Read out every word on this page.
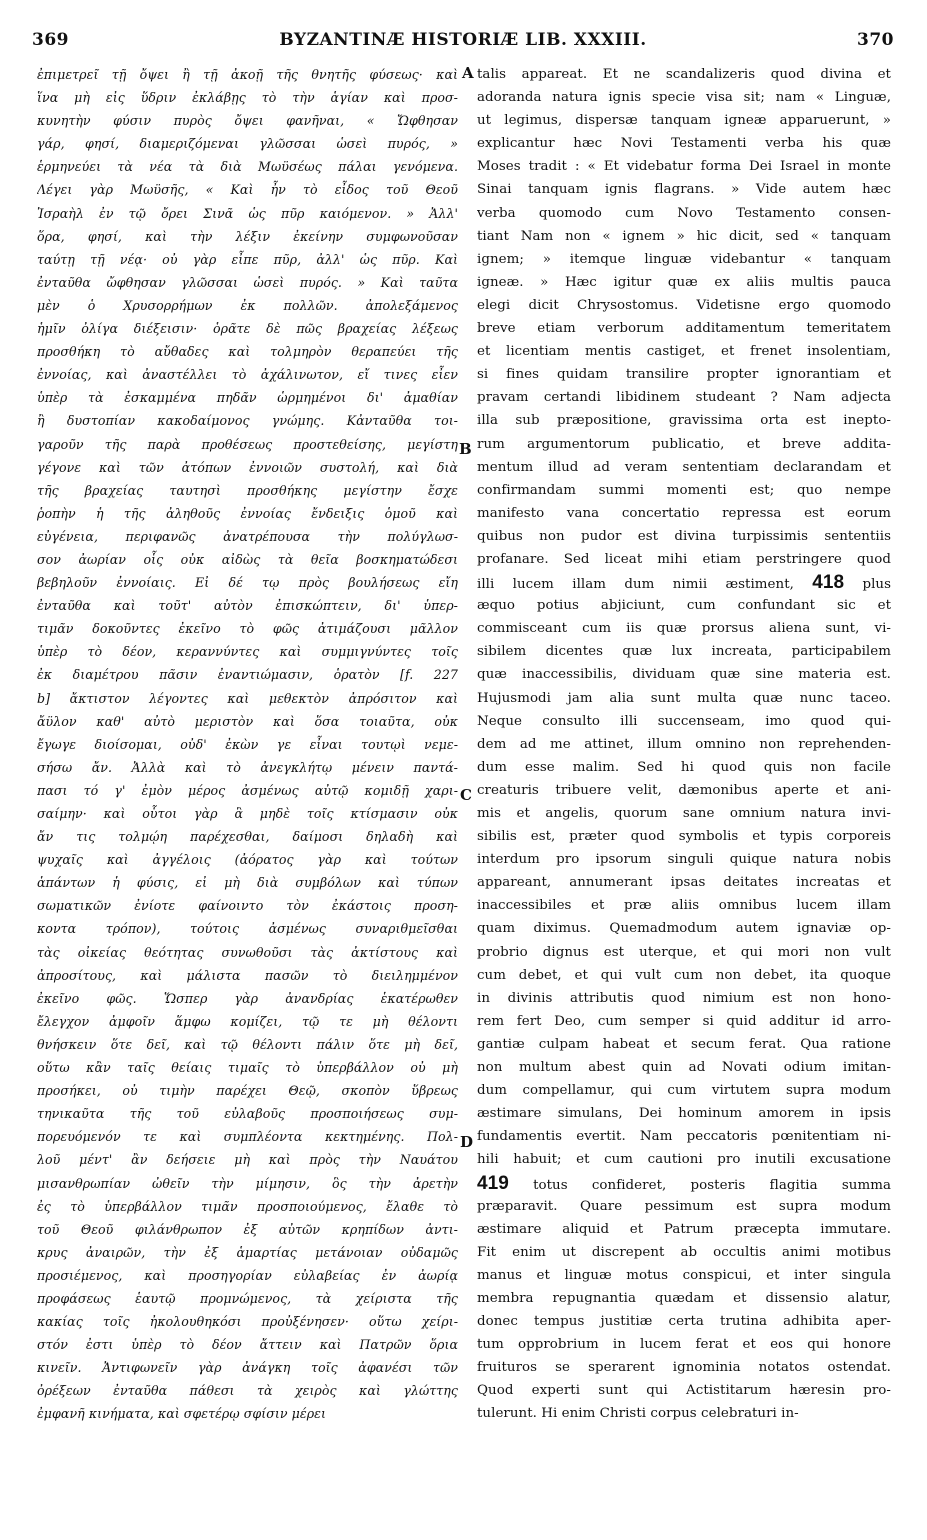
369	BYZANTINÆ HISTORIÆ LIB. XXXIII.	370
ἐπιμετρεῖ τῇ ὄψει ἢ τῇ ἀκοῇ τῆς θνητῆς φύσεως· καὶ
ἵνα μὴ εἰς ὕδριν ἐκλάβῃς τὸ τὴν ἁγίαν καὶ προσ-
κυνητὴν φύσιν πυρὸς ὄψει φανῆναι, « Ὤφθησαν
γάρ, φησί, διαμεριζόμεναι γλῶσσαι ὡσεὶ πυρός, »
ἑρμηνεύει τὰ νέα τὰ διὰ Μωϋσέως πάλαι γενόμενα.
Λέγει γὰρ Μωϋσῆς, « Καὶ ἦν τὸ εἶδος τοῦ Θεοῦ
Ἰσραὴλ ἐν τῷ ὄρει Σινᾶ ὡς πῦρ καιόμενον. » Ἀλλ'
ὅρα, φησί, καὶ τὴν λέξιν ἐκείνην συμφωνοῦσαν
ταύτῃ τῇ νέᾳ· οὐ γὰρ εἶπε πῦρ, ἀλλ' ὡς πῦρ. Καὶ
ἐνταῦθα ὤφθησαν γλῶσσαι ὡσεὶ πυρός. » Καὶ ταῦτα
μὲν ὁ Χρυσορρήμων ἐκ πολλῶν. ἀπολεξάμενος
ἡμῖν ὀλίγα διέξεισιν· ὁρᾶτε δὲ πῶς βραχείας λέξεως
προσθήκη τὸ αὔθαδες καὶ τολμηρὸν θεραπεύει τῆς
ἐννοίας, καὶ ἀναστέλλει τὸ ἀχάλινωτον, εἴ τινες εἶεν
ὑπὲρ τὰ ἐσκαμμένα πηδᾶν ὡρμημένοι δι' ἀμαθίαν
ἢ δυστοπίαν κακοδαίμονος γνώμης. Κἀνταῦθα τοι-
γαροῦν τῆς παρὰ προθέσεως προστεθείσης, μεγίστη
γέγονε καὶ τῶν ἀτόπων ἐννοιῶν συστολή, καὶ διὰ
τῆς βραχείας ταυτησὶ προσθήκης μεγίστην ἔσχε
ῥοπὴν ἡ τῆς ἀληθοῦς ἐννοίας ἔνδειξις ὁμοῦ καὶ
εὐγένεια, περιφανῶς ἀνατρέπουσα τὴν πολύγλωσ-
σον ἀωρίαν οἷς οὐκ αἰδὼς τὰ θεῖα βοσκηματώδεσι
βεβηλοῦν ἐννοίαις. Εἰ δέ τῳ πρὸς βουλήσεως εἴη
ἐνταῦθα καὶ τοῦτ' αὐτὸν ἐπισκώπτειν, δι' ὑπερ-
τιμᾶν δοκοῦντες ἐκεῖνο τὸ φῶς ἀτιμάζουσι μᾶλλον
ὑπὲρ τὸ δέον, κεραννύντες καὶ συμμιγνύντες τοῖς
ἐκ διαμέτρου πᾶσιν ἐναντιώμασιν, ὁρατὸν [f. 227
b] ἄκτιστον λέγοντες καὶ μεθεκτὸν ἀπρόσιτον καὶ
ἄϋλον καθ' αὐτὸ μεριστὸν καὶ ὅσα τοιαῦτα, οὐκ
ἔγωγε διοίσομαι, οὐδ' ἐκὼν γε εἶναι τουτῳὶ νεμε-
σήσω ἄν. Ἀλλὰ καὶ τὸ ἀνεγκλήτῳ μένειν παντά-
πασι τό γ' ἐμὸν μέρος ἀσμένως αὐτῷ κομιδῇ χαρι-
σαίμην· καὶ οὗτοι γὰρ ἃ μηδὲ τοῖς κτίσμασιν οὐκ
ἄν τις τολμῴη παρέχεσθαι, δαίμοσι δηλαδὴ καὶ
ψυχαῖς καὶ ἀγγέλοις (ἀόρατος γὰρ καὶ τούτων
ἁπάντων ἡ φύσις, εἰ μὴ διὰ συμβόλων καὶ τύπων
σωματικῶν ἐνίοτε φαίνοιντο τὸν ἐκάστοις προση-
κοντα τρόπον), τούτοις ἀσμένως συναριθμεῖσθαι
τὰς οἰκείας θεότητας συνωθοῦσι τὰς ἀκτίστους καὶ
ἀπροσίτους, καὶ μάλιστα πασῶν τὸ διειλημμένον
ἐκεῖνο φῶς. Ὥσπερ γὰρ ἀνανδρίας ἑκατέρωθεν
ἔλεγχον ἀμφοῖν ἅμφω κομίζει, τῷ τε μὴ θέλοντι
θνήσκειν ὅτε δεῖ, καὶ τῷ θέλοντι πάλιν ὅτε μὴ δεῖ,
οὕτω κἂν ταῖς θείαις τιμαῖς τὸ ὑπερβάλλον οὐ μὴ
προσήκει, οὐ τιμὴν παρέχει Θεῷ, σκοπὸν ὕβρεως
τηνικαῦτα τῆς τοῦ εὐλαβοῦς προσποιήσεως συμ-
πορευόμενόν τε καὶ συμπλέοντα κεκτημένης. Πολ-
λοῦ μέντ' ἂν δεήσειε μὴ καὶ πρὸς τὴν Ναυάτου
μισανθρωπίαν ὠθεῖν τὴν μίμησιν, ὃς τὴν ἀρετὴν
ἐς τὸ ὑπερβάλλον τιμᾶν προσποιούμενος, ἔλαθε τὸ
τοῦ Θεοῦ φιλάνθρωπον ἐξ αὐτῶν κρηπίδων ἀντι-
κρυς ἀναιρῶν, τὴν ἐξ ἁμαρτίας μετάνοιαν οὐδαμῶς
προσιέμενος, καὶ προσηγορίαν εὐλαβείας ἐν ἀωρίᾳ
προφάσεως ἑαυτῷ προμνώμενος, τὰ χείριστα τῆς
κακίας τοῖς ἠκολουθηκόσι προὐξένησεν· οὕτω χείρι-
στόν ἐστι ὑπὲρ τὸ δέον ἄττειν καὶ Πατρῶν ὅρια
κινεῖν. Ἀντιφωνεῖν γὰρ ἀνάγκη τοῖς ἀφανέσι τῶν
ὀρέξεων ἐνταῦθα πάθεσι τὰ χειρὸς καὶ γλώττης
ἐμφανῆ κινήματα, καὶ σφετέρῳ σφίσιν μέρει
talis appareat. Et ne scandalizeris quod divina et
adoranda natura ignis specie visa sit; nam « Linguæ,
ut legimus, dispersæ tanquam igneæ apparuerunt, »
explicantur hæc Novi Testamenti verba his quæ
Moses tradit : « Et videbatur forma Dei Israel in monte
Sinai tanquam ignis flagrans. » Vide autem hæc
verba quomodo cum Novo Testamento consen-
tiant Nam non « ignem » hic dicit, sed « tanquam
ignem; » itemque linguæ videbantur « tanquam
igneæ. » Hæc igitur quæ ex aliis multis pauca
elegi dicit Chrysostomus. Videtisne ergo quomodo
breve etiam verborum additamentum temeritatem
et licentiam mentis castiget, et frenet insolentiam,
si fines quidam transilire propter ignorantiam et
pravam certandi libidinem studeant ? Nam adjecta
illa sub præpositione, gravissima orta est inepto-
rum argumentorum publicatio, et breve addita-
mentum illud ad veram sententiam declarandam et
confirmandam summi momenti est; quo nempe
manifesto vana concertatio repressa est eorum
quibus non pudor est divina turpissimis sententiis
profanare. Sed liceat mihi etiam perstringere quod
illi lucem illam dum nimii æstiment, 418 plus
æquo potius abjiciunt, cum confundant sic et
commisceant cum iis quæ prorsus aliena sunt, vi-
sibilem dicentes quæ lux increata, participabilem
quæ inaccessibilis, dividuam quæ sine materia est.
Hujusmodi jam alia sunt multa quæ nunc taceo.
Neque consulto illi succenseam, imo quod qui-
dem ad me attinet, illum omnino non reprehenden-
dum esse malim. Sed hi quod quis non facile
creaturis tribuere velit, dæmonibus aperte et ani-
mis et angelis, quorum sane omnium natura invi-
sibilis est, præter quod symbolis et typis corporeis
interdum pro ipsorum singuli quique natura nobis
appareant, annumerant ipsas deitates increatas et
inaccessibiles et præ aliis omnibus lucem illam
quam diximus. Quemadmodum autem ignaviæ op-
probrio dignus est uterque, et qui mori non vult
cum debet, et qui vult cum non debet, ita quoque
in divinis attributis quod nimium est non hono-
rem fert Deo, cum semper si quid additur id arro-
gantiæ culpam habeat et secum ferat. Qua ratione
non multum abest quin ad Novati odium imitan-
dum compellamur, qui cum virtutem supra modum
æstimare simulans, Dei hominum amorem in ipsis
fundamentis evertit. Nam peccatoris pœnitentiam ni-
hili habuit; et cum cautioni pro inutili excusatione
419 totus confideret, posteris flagitia summa
præparavit. Quare pessimum est supra modum
æstimare aliquid et Patrum præcepta immutare.
Fit enim ut discrepent ab occultis animi motibus
manus et linguæ motus conspicui, et inter singula
membra repugnantia quædam et dissensio alatur,
donec tempus justitiæ certa trutina adhibita aper-
tum opprobrium in lucem ferat et eos qui honore
fruituros se sperarent ignominia notatos ostendat.
Quod experti sunt qui Actistitarum hæresin pro-
tulerunt. Hi enim Christi corpus celebraturi in-
A
B
C
D
